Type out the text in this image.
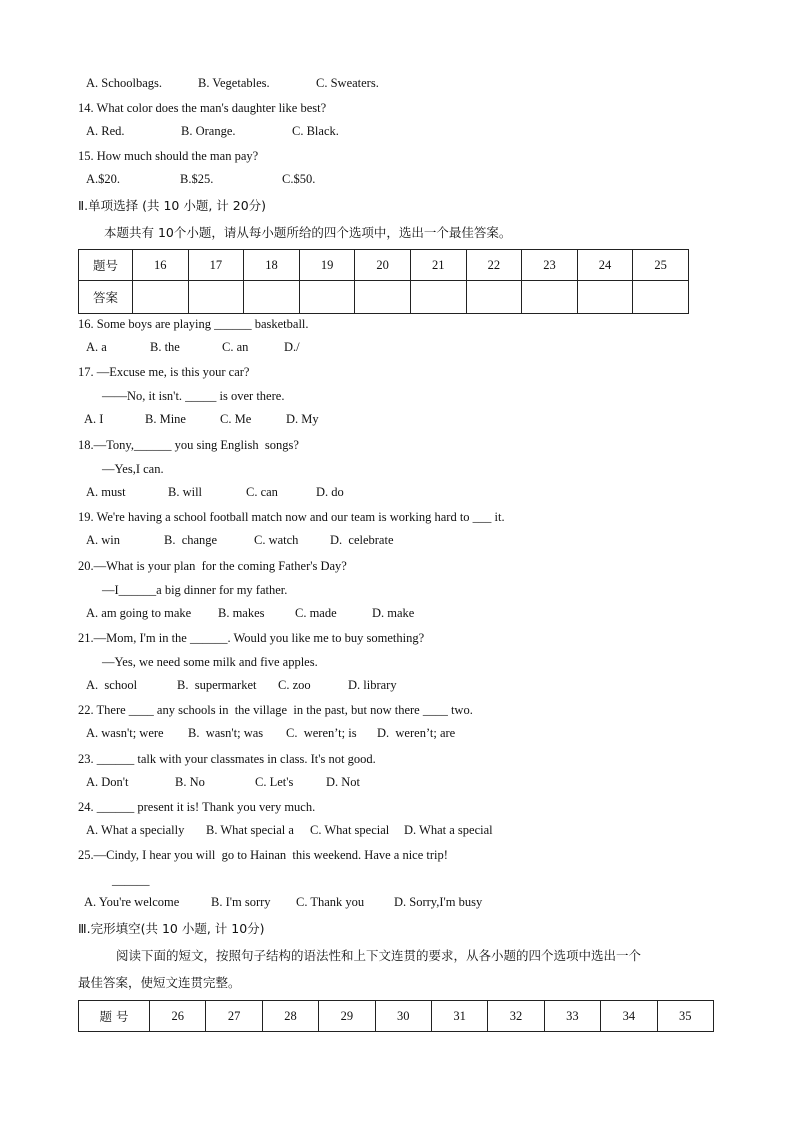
A. Schoolbags.	B. Vegetables.	C. Sweaters.
14. What color does the man's daughter like best?
A. Red.	B. Orange.	C. Black.
15. How much should the man pay?
A.$20.	B.$25.	C.$50.
Ⅱ.单项选择 (共 10 小题, 计 20分)
本题共有 10个小题，请从每小题所给的四个选项中，选出一个最佳答案。
题号	16	17	18	19	20	21	22	23	24	25
答案										
16. Some boys are playing ______ basketball.
A. a	B. the	C. an	D./
17. —Excuse me, is this your car?
——No, it isn't. _____ is over there.
A. I	B. Mine	C. Me	D. My
18.—Tony,______ you sing English  songs?
—Yes,I can.
A. must	B. will	C. can	D. do
19. We're having a school football match now and our team is working hard to ___ it.
A. win	B.  change	C. watch	D.  celebrate
20.—What is your plan  for the coming Father's Day?
—I______a big dinner for my father.
A. am going to make B. makes C. made	D. make
21.—Mom, I'm in the ______. Would you like me to buy something?
—Yes, we need some milk and five apples.
A.  school	B.  supermarket C. zoo	D. library
22. There ____ any schools in  the village  in the past, but now there ____ two.
A. wasn't; were B.  wasn't; was C.  weren’t; is D.  weren’t; are
23. ______ talk with your classmates in class. It's not good.
A. Don't	B. No	C. Let's	D. Not
24. ______ present it is! Thank you very much.
A. What a specially B. What special a C. What special D. What a special
25.—Cindy, I hear you will  go to Hainan  this weekend. Have a nice trip!
______
A. You're welcome	B. I'm sorry C. Thank you D. Sorry,I'm busy
Ⅲ.完形填空(共 10 小题, 计 10分)
阅读下面的短文，按照句子结构的语法性和上下文连贯的要求，从各小题的四个选项中选出一个
最佳答案，使短文连贯完整。
题 号	26	27	28	29	30	31	32	33	34	35
